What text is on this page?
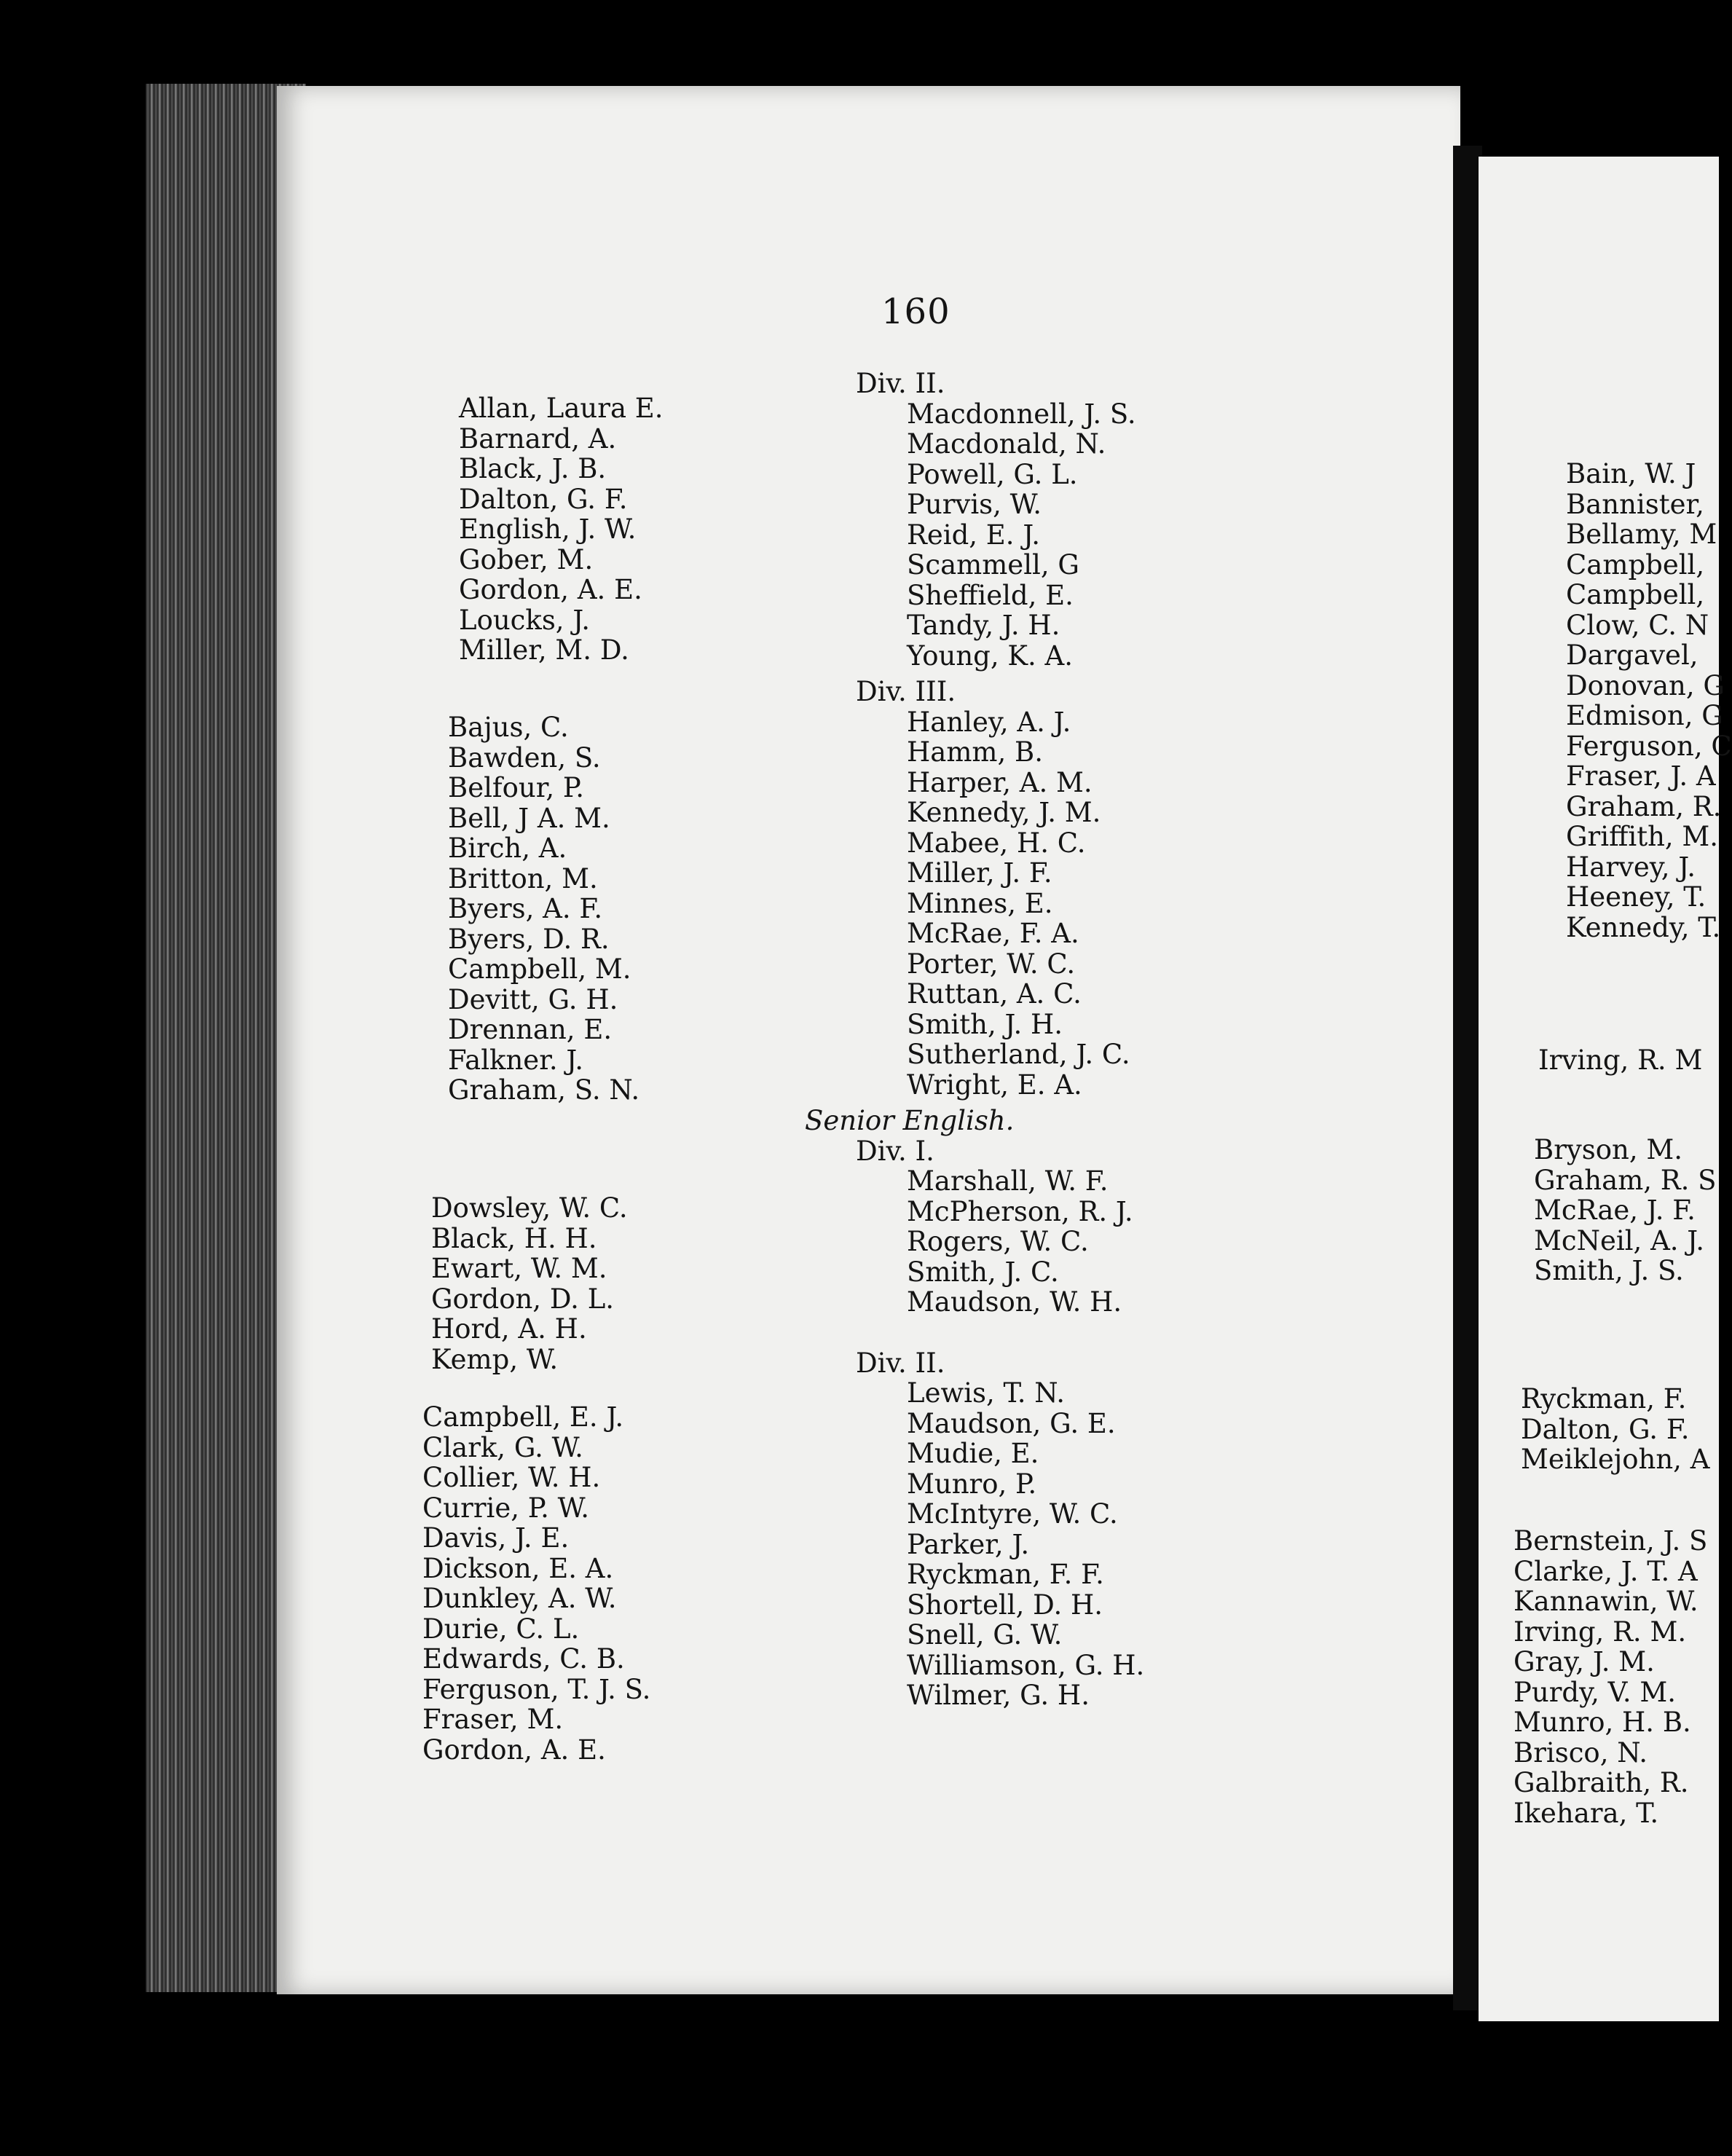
160
Allan, Laura E.
Barnard, A.
Black, J. B.
Dalton, G. F.
English, J. W.
Gober, M.
Gordon, A. E.
Loucks, J.
Miller, M. D.
Bajus, C.
Bawden, S.
Belfour, P.
Bell, J A. M.
Birch, A.
Britton, M.
Byers, A. F.
Byers, D. R.
Campbell, M.
Devitt, G. H.
Drennan, E.
Falkner. J.
Graham, S. N.
Dowsley, W. C.
Black, H. H.
Ewart, W. M.
Gordon, D. L.
Hord, A. H.
Kemp, W.
Campbell, E. J.
Clark, G. W.
Collier, W. H.
Currie, P. W.
Davis, J. E.
Dickson, E. A.
Dunkley, A. W.
Durie, C. L.
Edwards, C. B.
Ferguson, T. J. S.
Fraser, M.
Gordon, A. E.
Div. II.
Macdonnell, J. S.
Macdonald, N.
Powell, G. L.
Purvis, W.
Reid, E. J.
Scammell, G
Sheffield, E.
Tandy, J. H.
Young, K. A.
Div. III.
Hanley, A. J.
Hamm, B.
Harper, A. M.
Kennedy, J. M.
Mabee, H. C.
Miller, J. F.
Minnes, E.
McRae, F. A.
Porter, W. C.
Ruttan, A. C.
Smith, J. H.
Sutherland, J. C.
Wright, E. A.
Senior English.
Div. I.
Marshall, W. F.
McPherson, R. J.
Rogers, W. C.
Smith, J. C.
Maudson, W. H.
Div. II.
Lewis, T. N.
Maudson, G. E.
Mudie, E.
Munro, P.
McIntyre, W. C.
Parker, J.
Ryckman, F. F.
Shortell, D. H.
Snell, G. W.
Williamson, G. H.
Wilmer, G. H.
Bain, W. J
Bannister,
Bellamy, M
Campbell,
Campbell,
Clow, C. N
Dargavel,
Donovan, G
Edmison, G
Ferguson, C
Fraser, J. A
Graham, R.
Griffith, M.
Harvey, J.
Heeney, T.
Kennedy, T.
Irving, R. M
Bryson, M.
Graham, R. S
McRae, J. F.
McNeil, A. J.
Smith, J. S.
Ryckman, F.
Dalton, G. F.
Meiklejohn, A
Bernstein, J. S
Clarke, J. T. A
Kannawin, W.
Irving, R. M.
Gray, J. M.
Purdy, V. M.
Munro, H. B.
Brisco, N.
Galbraith, R.
Ikehara, T.
